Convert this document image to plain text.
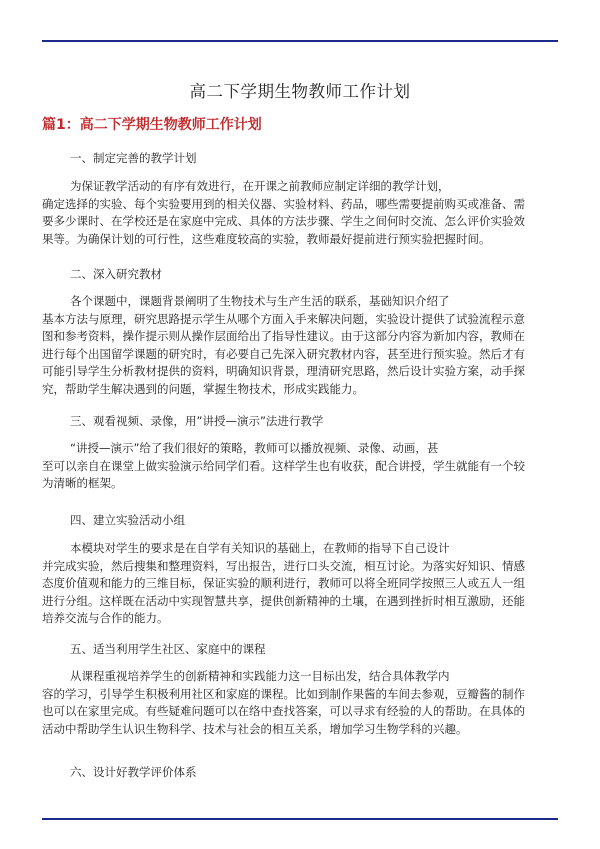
高二下学期生物教师工作计划
篇1：高二下学期生物教师工作计划
一、制定完善的教学计划
为保证教学活动的有序有效进行，在开课之前教师应制定详细的教学计划，
确定选择的实验、每个实验要用到的相关仪器、实验材料、药品，哪些需要提前购买或准备、需
要多少课时、在学校还是在家庭中完成、具体的方法步骤、学生之间何时交流、怎么评价实验效
果等。为确保计划的可行性，这些难度较高的实验，教师最好提前进行预实验把握时间。
二、深入研究教材
各个课题中，课题背景阐明了生物技术与生产生活的联系，基础知识介绍了
基本方法与原理，研究思路提示学生从哪个方面入手来解决问题，实验设计提供了试验流程示意
图和参考资料，操作提示则从操作层面给出了指导性建议。由于这部分内容为新加内容，教师在
进行每个出国留学课题的研究时，有必要自己先深入研究教材内容，甚至进行预实验。然后才有
可能引导学生分析教材提供的资料，明确知识背景，理清研究思路，然后设计实验方案，动手探
究，帮助学生解决遇到的问题，掌握生物技术，形成实践能力。
三、观看视频、录像，用”讲授—演示”法进行教学
“讲授—演示”给了我们很好的策略，教师可以播放视频、录像、动画，甚
至可以亲自在课堂上做实验演示给同学们看。这样学生也有收获，配合讲授，学生就能有一个较
为清晰的框架。
四、建立实验活动小组
本模块对学生的要求是在自学有关知识的基础上，在教师的指导下自己设计
并完成实验，然后搜集和整理资料，写出报告，进行口头交流，相互讨论。为落实好知识、情感
态度价值观和能力的三维目标，保证实验的顺利进行，教师可以将全班同学按照三人或五人一组
进行分组。这样既在活动中实现智慧共享，提供创新精神的土壤，在遇到挫折时相互激励，还能
培养交流与合作的能力。
五、适当利用学生社区、家庭中的课程
从课程重视培养学生的创新精神和实践能力这一目标出发，结合具体教学内
容的学习，引导学生积极利用社区和家庭的课程。比如到制作果酱的车间去参观，豆瓣酱的制作
也可以在家里完成。有些疑难问题可以在络中查找答案，可以寻求有经验的人的帮助。在具体的
活动中帮助学生认识生物科学、技术与社会的相互关系，增加学习生物学科的兴趣。
六、设计好教学评价体系
